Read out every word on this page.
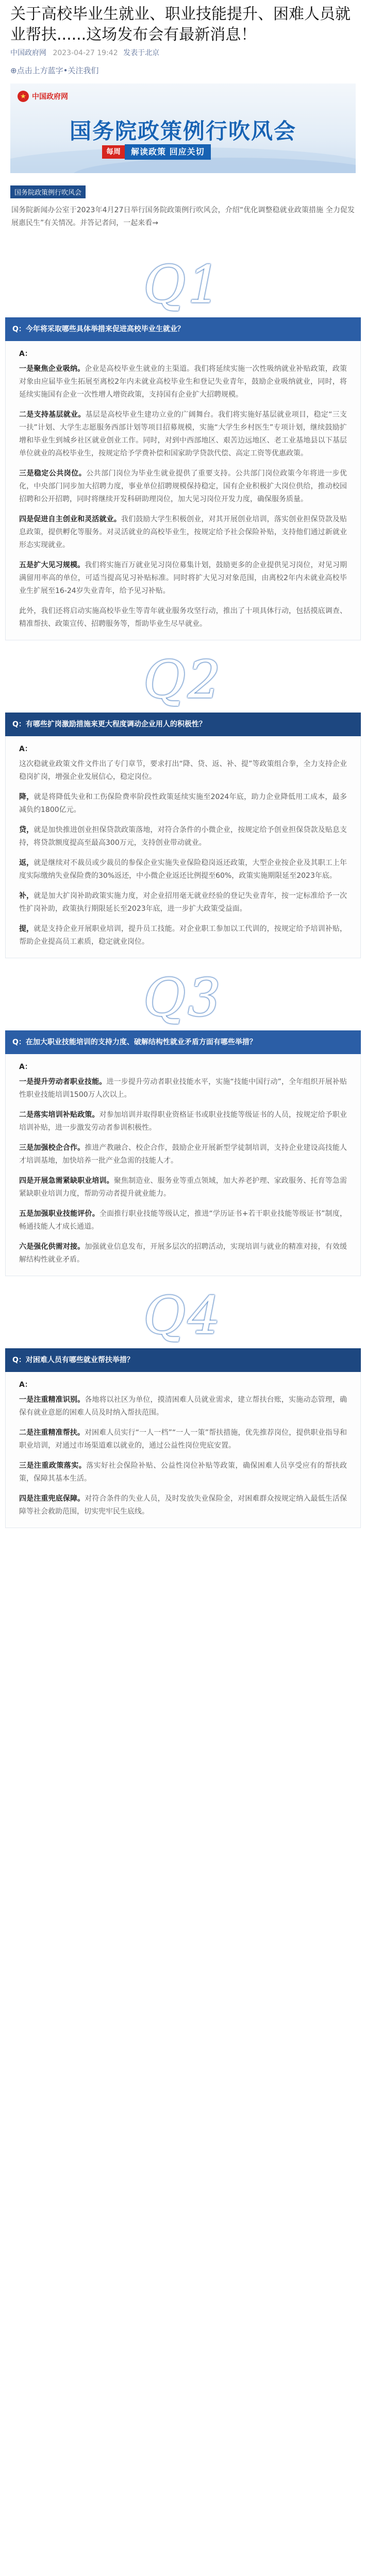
关于高校毕业生就业、职业技能提升、困难人员就业帮扶......这场发布会有最新消息！
中国政府网 2023-04-27 19:42 发表于北京
⊕点击上方蓝字•关注我们
★ 中国政府网
国务院政策例行吹风会
每周	解读政策 回应关切
国务院政策例行吹风会
国务院新闻办公室于2023年4月27日举行国务院政策例行吹风会，介绍“优化调整稳就业政策措施 全力促发展惠民生”有关情况。并答记者问，一起来看→
Q1
Q：今年将采取哪些具体举措来促进高校毕业生就业？
A：

一是聚焦企业吸纳。企业是高校毕业生就业的主渠道。我们将延续实施一次性吸纳就业补贴政策，政策对象由应届毕业生拓展至离校2年内未就业高校毕业生和登记失业青年，鼓励企业吸纳就业，同时，将延续实施国有企业一次性增人增资政策，支持国有企业扩大招聘规模。

二是支持基层就业。基层是高校毕业生建功立业的广阔舞台。我们将实施好基层就业项目，稳定“三支一扶”计划、大学生志愿服务西部计划等项目招募规模，实施“大学生乡村医生”专项计划，继续鼓励扩增和毕业生到城乡社区就业创业工作。同时，对到中西部地区、艰苦边远地区、老工业基地县以下基层单位就业的高校毕业生，按规定给予学费补偿和国家助学贷款代偿、高定工资等优惠政策。

三是稳定公共岗位。公共部门岗位为毕业生就业提供了重要支持。公共部门岗位政策今年将进一步优化，中央部门同步加大招聘力度，事业单位招聘规模保持稳定，国有企业积极扩大岗位供给，推动校园招聘和公开招聘，同时将继续开发科研助理岗位，加大见习岗位开发力度，确保服务质量。

四是促进自主创业和灵活就业。我们鼓励大学生积极创业，对其开展创业培训，落实创业担保贷款及贴息政策，提供孵化等服务。对灵活就业的高校毕业生，按规定给予社会保险补贴，支持他们通过新就业形态实现就业。

五是扩大见习规模。我们将实施百万就业见习岗位募集计划，鼓励更多的企业提供见习岗位，对见习期满留用率高的单位，可适当提高见习补贴标准。同时将扩大见习对象范围，由离校2年内未就业高校毕业生扩展至16-24岁失业青年，给予见习补贴。

此外，我们还将启动实施高校毕业生等青年就业服务攻坚行动，推出了十项具体行动，包括摸底调查、精准帮扶、政策宣传、招聘服务等，帮助毕业生尽早就业。

Q2
Q：有哪些扩岗激励措施来更大程度调动企业用人的积极性？
A：

这次稳就业政策文件文件出了专门章节，要求打出“降、贷、返、补、提”等政策组合拳，全力支持企业稳岗扩岗，增强企业发展信心，稳定岗位。

降，就是将降低失业和工伤保险费率阶段性政策延续实施至2024年底，助力企业降低用工成本，最多减负约1800亿元。

贷，就是加快推进创业担保贷款政策落地，对符合条件的小微企业，按规定给予创业担保贷款及贴息支持，将贷款额度提高至最高300万元，支持创业带动就业。

返，就是继续对不裁员或少裁员的参保企业实施失业保险稳岗返还政策，大型企业按企业及其职工上年度实际缴纳失业保险费的30%返还，中小微企业返还比例提至60%，政策实施期限延至2023年底。

补，就是加大扩岗补助政策实施力度，对企业招用毫无就业经验的登记失业青年，按一定标准给予一次性扩岗补助，政策执行期限延长至2023年底，进一步扩大政策受益面。

提，就是支持企业开展职业培训，提升员工技能。对企业职工参加以工代训的，按规定给予培训补贴，帮助企业提高员工素质，稳定就业岗位。

Q3
Q：在加大职业技能培训的支持力度、破解结构性就业矛盾方面有哪些举措？
A：

一是提升劳动者职业技能。进一步提升劳动者职业技能水平，实施“技能中国行动”，全年组织开展补贴性职业技能培训1500万人次以上。

二是落实培训补贴政策。对参加培训并取得职业资格证书或职业技能等级证书的人员，按规定给予职业培训补贴，进一步激发劳动者参训积极性。

三是加强校企合作。推进产教融合、校企合作，鼓励企业开展新型学徒制培训，支持企业建设高技能人才培训基地，加快培养一批产业急需的技能人才。

四是开展急需紧缺职业培训。聚焦制造业、服务业等重点领域，加大养老护理、家政服务、托育等急需紧缺职业培训力度，帮助劳动者提升就业能力。

五是加强职业技能评价。全面推行职业技能等级认定，推进“学历证书+若干职业技能等级证书”制度，畅通技能人才成长通道。

六是强化供需对接。加强就业信息发布，开展多层次的招聘活动，实现培训与就业的精准对接，有效缓解结构性就业矛盾。

Q4
Q：对困难人员有哪些就业帮扶举措？
A：

一是注重精准识别。各地将以社区为单位，摸清困难人员就业需求，建立帮扶台账，实施动态管理，确保有就业意愿的困难人员及时纳入帮扶范围。

二是注重精准帮扶。对困难人员实行“一人一档”“一人一策”帮扶措施，优先推荐岗位，提供职业指导和职业培训，对通过市场渠道难以就业的，通过公益性岗位兜底安置。

三是注重政策落实。落实好社会保险补贴、公益性岗位补贴等政策，确保困难人员享受应有的帮扶政策，保障其基本生活。

四是注重兜底保障。对符合条件的失业人员，及时发放失业保险金，对困难群众按规定纳入最低生活保障等社会救助范围，切实兜牢民生底线。
